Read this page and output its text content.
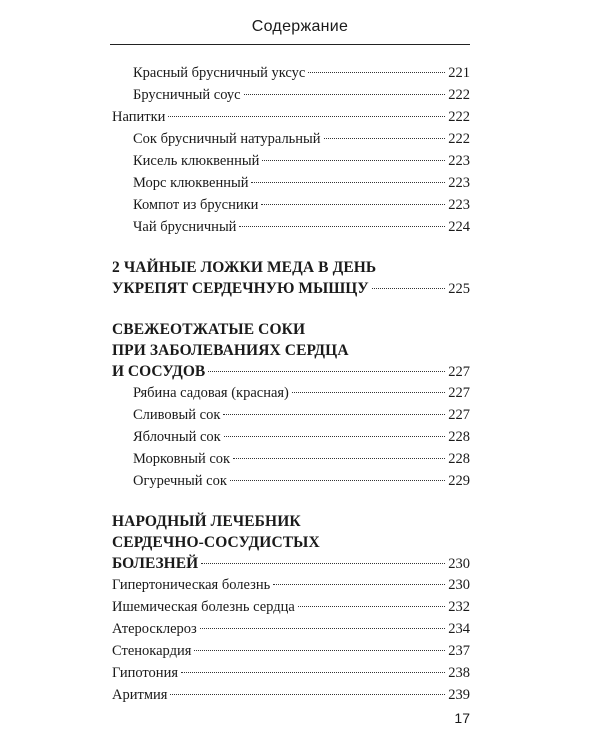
Содержание
Красный брусничный уксус	221
Брусничный соус	222
Напитки	222
Сок брусничный натуральный	222
Кисель клюквенный	223
Морс клюквенный	223
Компот из брусники	223
Чай брусничный	224
2 ЧАЙНЫЕ ЛОЖКИ МЕДА В ДЕНЬ
УКРЕПЯТ СЕРДЕЧНУЮ МЫШЦУ	225
СВЕЖЕОТЖАТЫЕ СОКИ
ПРИ ЗАБОЛЕВАНИЯХ СЕРДЦА
И СОСУДОВ	227
Рябина садовая (красная)	227
Сливовый сок	227
Яблочный сок	228
Морковный сок	228
Огуречный сок	229
НАРОДНЫЙ ЛЕЧЕБНИК
СЕРДЕЧНО-СОСУДИСТЫХ
БОЛЕЗНЕЙ	230
Гипертоническая болезнь	230
Ишемическая болезнь сердца	232
Атеросклероз	234
Стенокардия	237
Гипотония	238
Аритмия	239
17
